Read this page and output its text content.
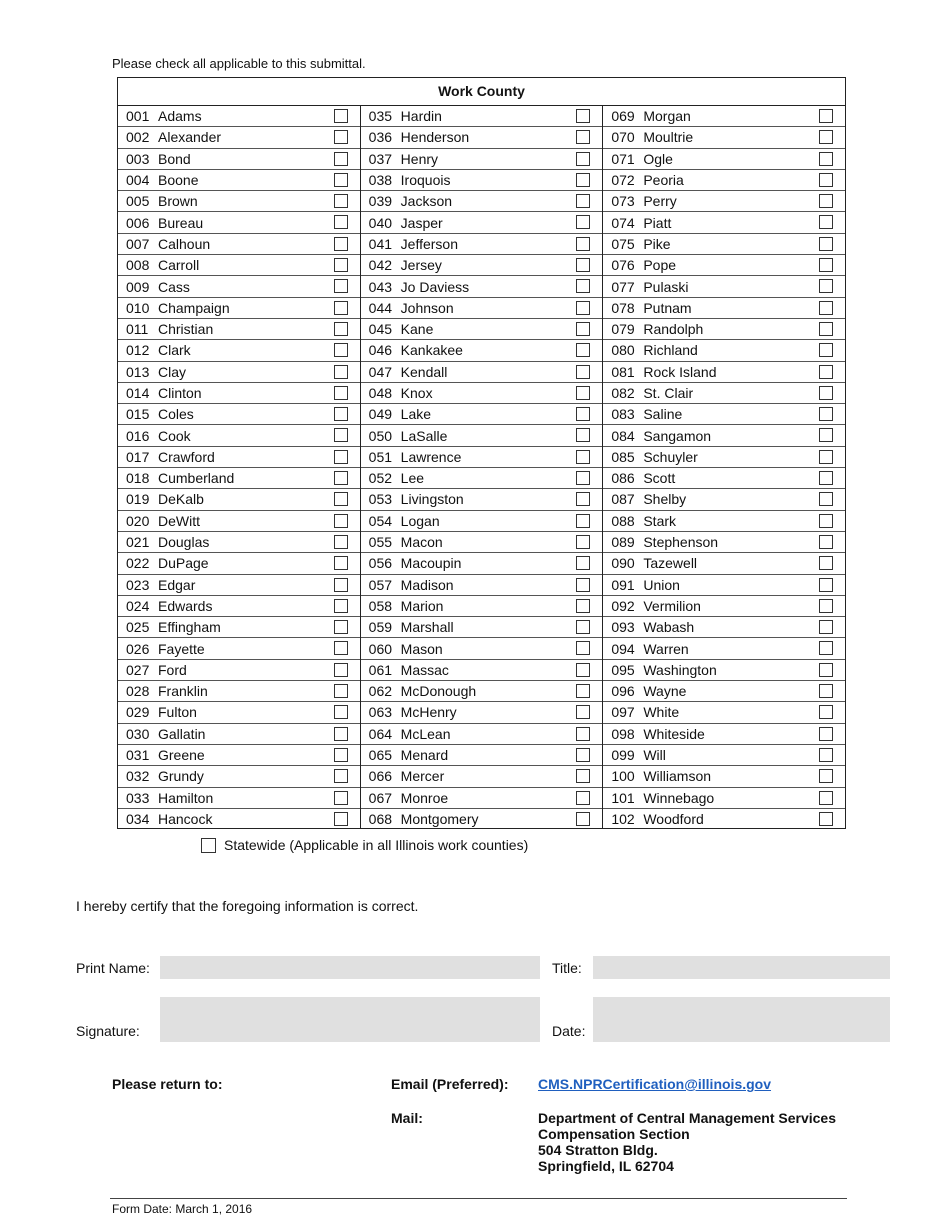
Please check all applicable to this submittal.
Work County
001 Adams
002 Alexander
003 Bond
004 Boone
005 Brown
006 Bureau
007 Calhoun
008 Carroll
009 Cass
010 Champaign
011 Christian
012 Clark
013 Clay
014 Clinton
015 Coles
016 Cook
017 Crawford
018 Cumberland
019 DeKalb
020 DeWitt
021 Douglas
022 DuPage
023 Edgar
024 Edwards
025 Effingham
026 Fayette
027 Ford
028 Franklin
029 Fulton
030 Gallatin
031 Greene
032 Grundy
033 Hamilton
034 Hancock
035 Hardin
036 Henderson
037 Henry
038 Iroquois
039 Jackson
040 Jasper
041 Jefferson
042 Jersey
043 Jo Daviess
044 Johnson
045 Kane
046 Kankakee
047 Kendall
048 Knox
049 Lake
050 LaSalle
051 Lawrence
052 Lee
053 Livingston
054 Logan
055 Macon
056 Macoupin
057 Madison
058 Marion
059 Marshall
060 Mason
061 Massac
062 McDonough
063 McHenry
064 McLean
065 Menard
066 Mercer
067 Monroe
068 Montgomery
069 Morgan
070 Moultrie
071 Ogle
072 Peoria
073 Perry
074 Piatt
075 Pike
076 Pope
077 Pulaski
078 Putnam
079 Randolph
080 Richland
081 Rock Island
082 St. Clair
083 Saline
084 Sangamon
085 Schuyler
086 Scott
087 Shelby
088 Stark
089 Stephenson
090 Tazewell
091 Union
092 Vermilion
093 Wabash
094 Warren
095 Washington
096 Wayne
097 White
098 Whiteside
099 Will
100 Williamson
101 Winnebago
102 Woodford
Statewide (Applicable in all Illinois work counties)
I hereby certify that the foregoing information is correct.
Print Name:	Title:
Signature:	Date:
Please return to:	Email (Preferred): CMS.NPRCertification@illinois.gov
Mail:	Department of Central Management Services
Compensation Section
504 Stratton Bldg.
Springfield, IL 62704
Form Date: March 1, 2016
